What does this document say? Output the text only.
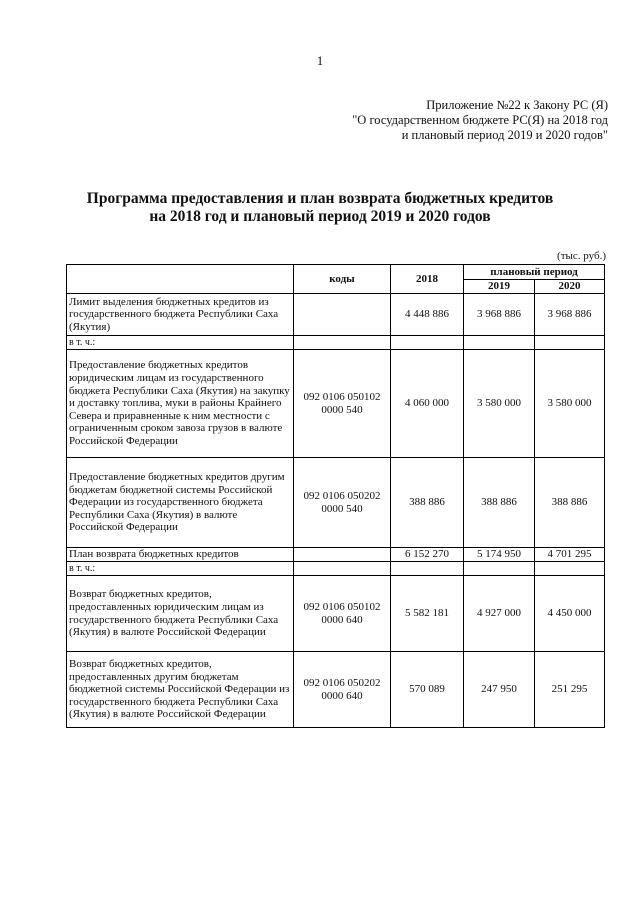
1
Приложение №22 к Закону РС (Я)
"О государственном бюджете РС(Я) на 2018 год
и плановый период 2019 и 2020 годов"
Программа предоставления и план возврата бюджетных кредитов
на 2018 год и плановый период 2019 и 2020 годов
(тыс. руб.)
	коды	2018	плановый период	
			2019	2020
Лимит выделения бюджетных кредитов из государственного бюджета Республики Саха (Якутия)		4 448 886	3 968 886	3 968 886
в т. ч.:				
Предоставление бюджетных кредитов юридическим лицам из государственного бюджета Республики Саха (Якутия) на закупку и доставку топлива, муки в районы Крайнего Севера и приравненные к ним местности с ограниченным сроком завоза грузов в валюте Российской Федерации	092 0106 050102 0000 540	4 060 000	3 580 000	3 580 000
Предоставление бюджетных кредитов другим бюджетам бюджетной системы Российской Федерации из государственного бюджета Республики Саха (Якутия) в валюте Российской Федерации	092 0106 050202 0000 540	388 886	388 886	388 886
План возврата бюджетных кредитов		6 152 270	5 174 950	4 701 295
в т. ч.:				
Возврат бюджетных кредитов, предоставленных юридическим лицам из государственного бюджета Республики Саха (Якутия) в валюте Российской Федерации	092 0106 050102 0000 640	5 582 181	4 927 000	4 450 000
Возврат бюджетных кредитов, предоставленных другим бюджетам бюджетной системы Российской Федерации из государственного бюджета Республики Саха (Якутия) в валюте Российской Федерации	092 0106 050202 0000 640	570 089	247 950	251 295
